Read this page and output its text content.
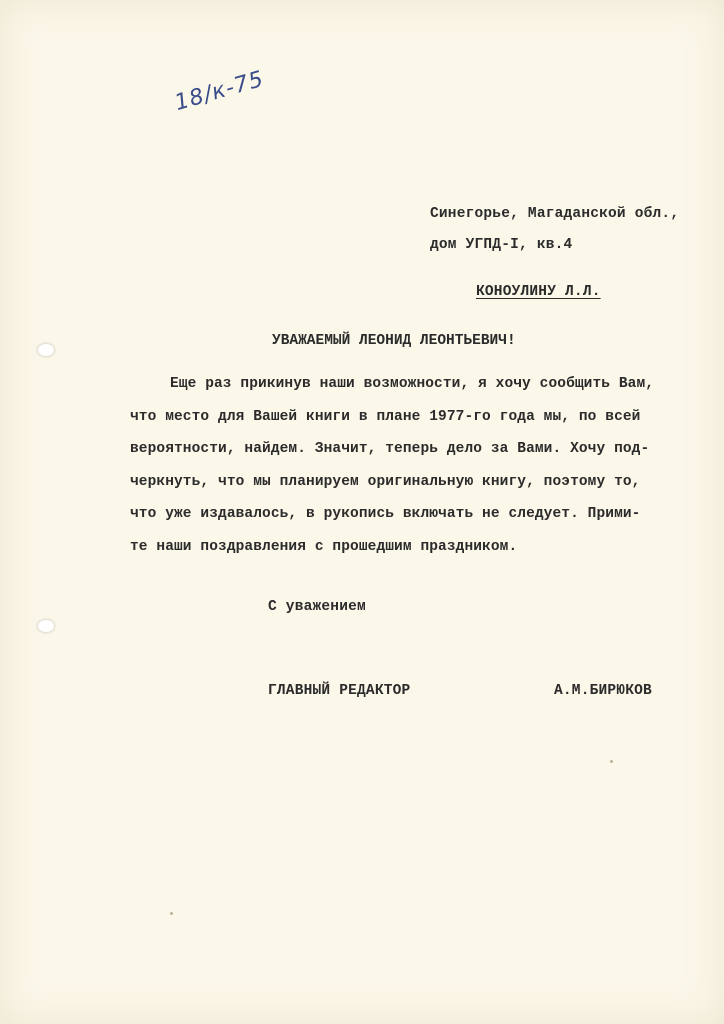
18/к-75
Синегорье, Магаданской обл.,
дом УГПД-I, кв.4
КОНОУЛИНУ Л.Л.
УВАЖАЕМЫЙ ЛЕОНИД ЛЕОНТЬЕВИЧ!
Еще раз прикинув наши возможности, я хочу сообщить Вам,
что место для Вашей книги в плане 1977-го года мы, по всей
вероятности, найдем. Значит, теперь дело за Вами. Хочу под-
черкнуть, что мы планируем оригинальную книгу, поэтому то,
что уже издавалось, в рукопись включать не следует. Прими-
те наши поздравления с прошедшим праздником.
С уважением
ГЛАВНЫЙ РЕДАКТОР	А.М.БИРЮКОВ
